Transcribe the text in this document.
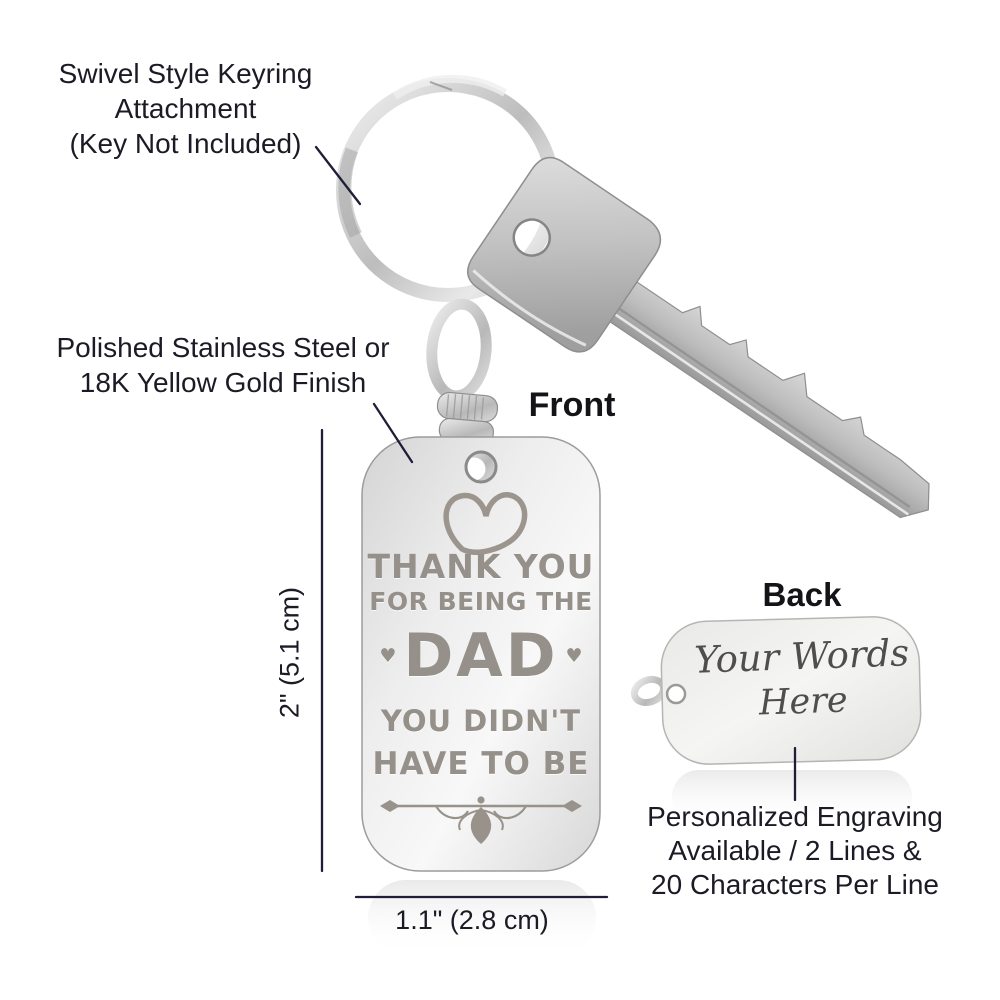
Swivel Style Keyring
Attachment
(Key Not Included)
Polished Stainless Steel or
18K Yellow Gold Finish
Front
Back
THANK YOU
FOR BEING THE
♥ DAD ♥
YOU DIDN'T
HAVE TO BE
Your Words
Here
Personalized Engraving
Available / 2 Lines &
20 Characters Per Line
2" (5.1 cm)
1.1" (2.8 cm)
